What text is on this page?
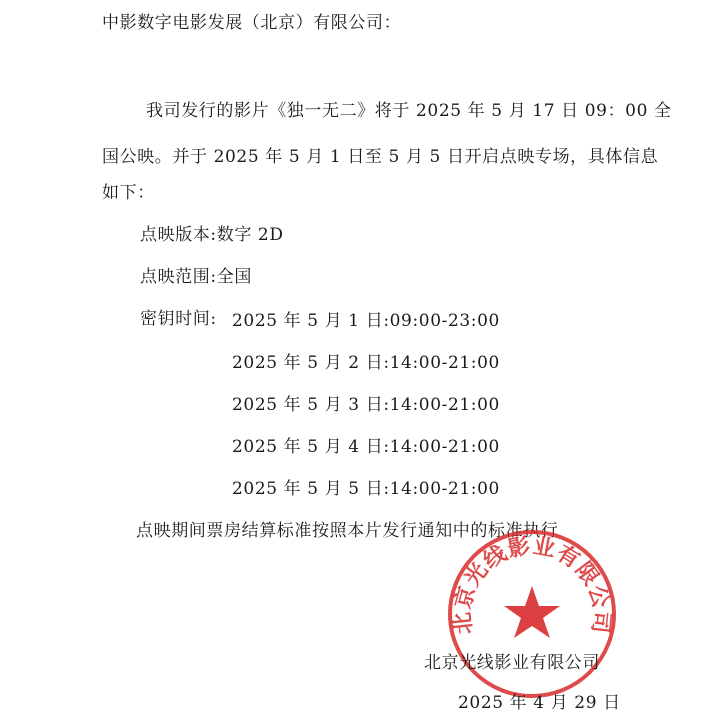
中影数字电影发展（北京）有限公司：
我司发行的影片《独一无二》将于 2025 年 5 月 17 日 09：00 全
国公映。并于 2025 年 5 月 1 日至 5 月 5 日开启点映专场，具体信息
如下：
点映版本:数字 2D
点映范围:全国
密钥时间: 2025 年 5 月 1 日:09:00-23:00
2025 年 5 月 2 日:14:00-21:00
2025 年 5 月 3 日:14:00-21:00
2025 年 5 月 4 日:14:00-21:00
2025 年 5 月 5 日:14:00-21:00
点映期间票房结算标准按照本片发行通知中的标准执行
北京光线影业有限公司
北京光线影业有限公司
2025 年 4 月 29 日
